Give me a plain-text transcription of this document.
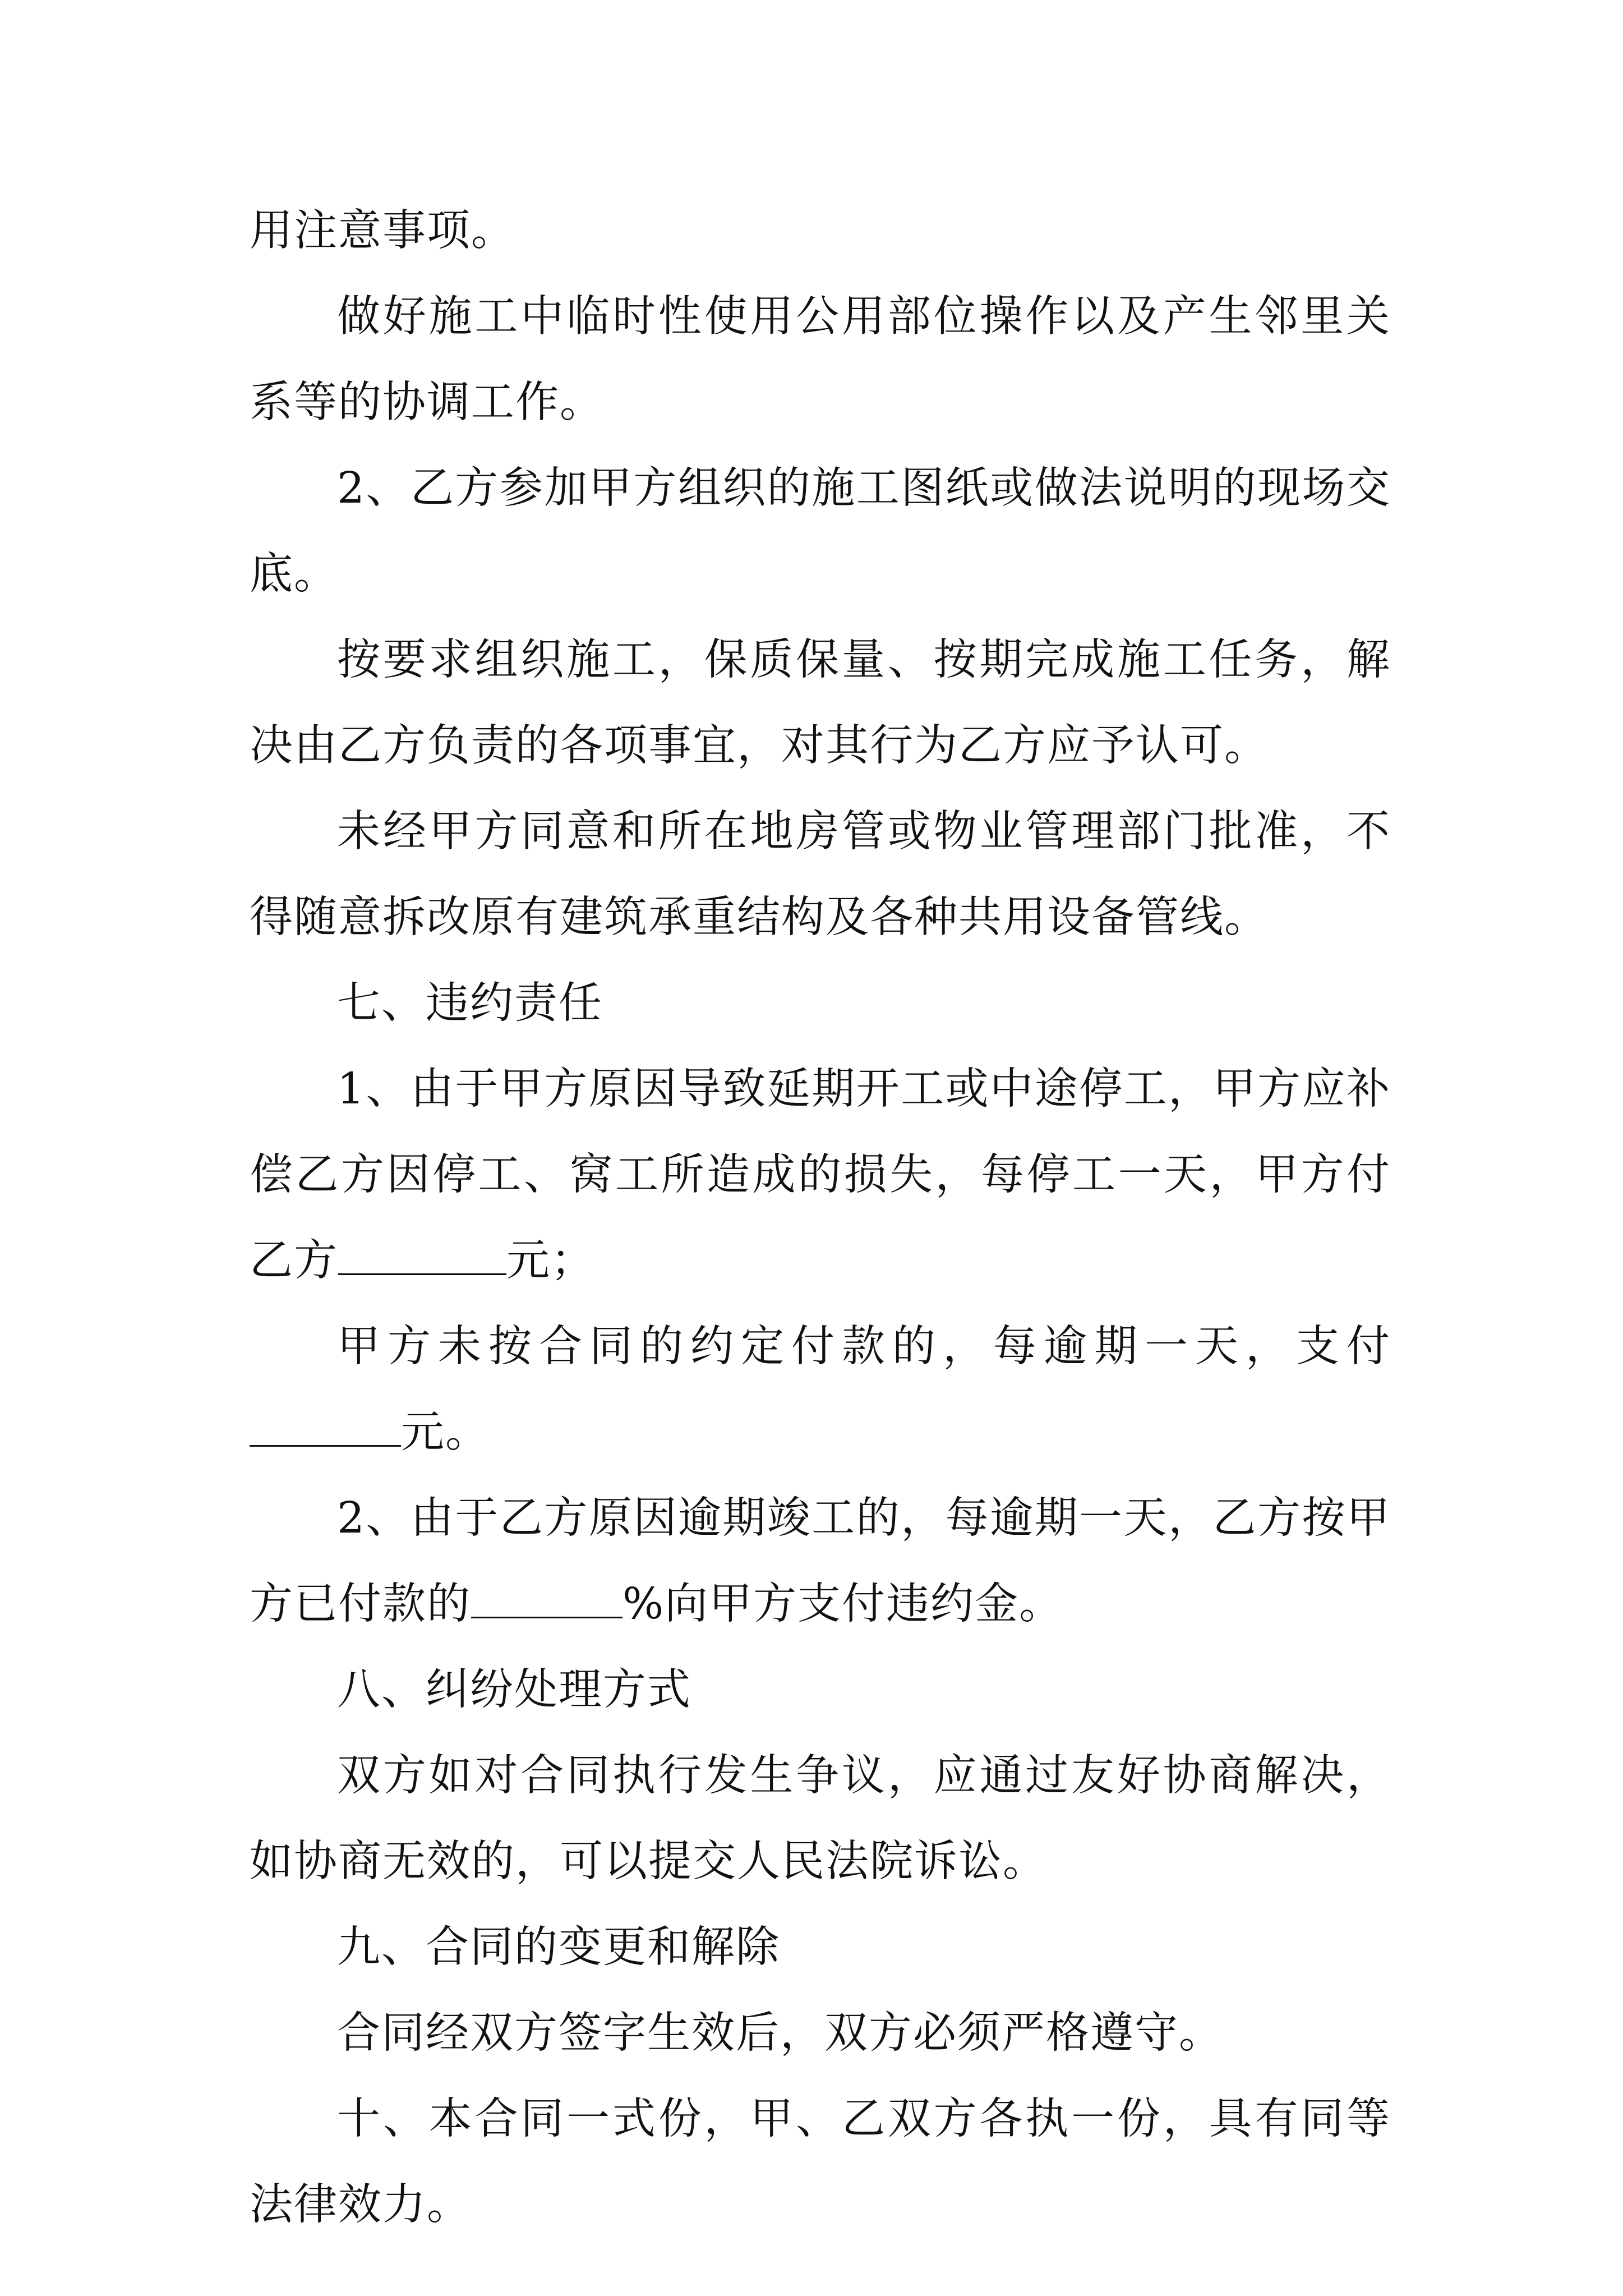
用注意事项。

做好施工中临时性使用公用部位操作以及产生邻里关系等的协调工作。

2、乙方参加甲方组织的施工图纸或做法说明的现场交底。

按要求组织施工，保质保量、按期完成施工任务，解决由乙方负责的各项事宜，对其行为乙方应予认可。

未经甲方同意和所在地房管或物业管理部门批准，不得随意拆改原有建筑承重结构及各种共用设备管线。

七、违约责任

1、由于甲方原因导致延期开工或中途停工，甲方应补偿乙方因停工、窝工所造成的损失，每停工一天，甲方付乙方	元；

甲方未按合同的约定付款的，每逾期一天，支付元。

2、由于乙方原因逾期竣工的，每逾期一天，乙方按甲方已付款的	%向甲方支付违约金。

八、纠纷处理方式

双方如对合同执行发生争议，应通过友好协商解决，如协商无效的，可以提交人民法院诉讼。

九、合同的变更和解除

合同经双方签字生效后，双方必须严格遵守。

十、本合同一式份，甲、乙双方各执一份，具有同等法律效力。
